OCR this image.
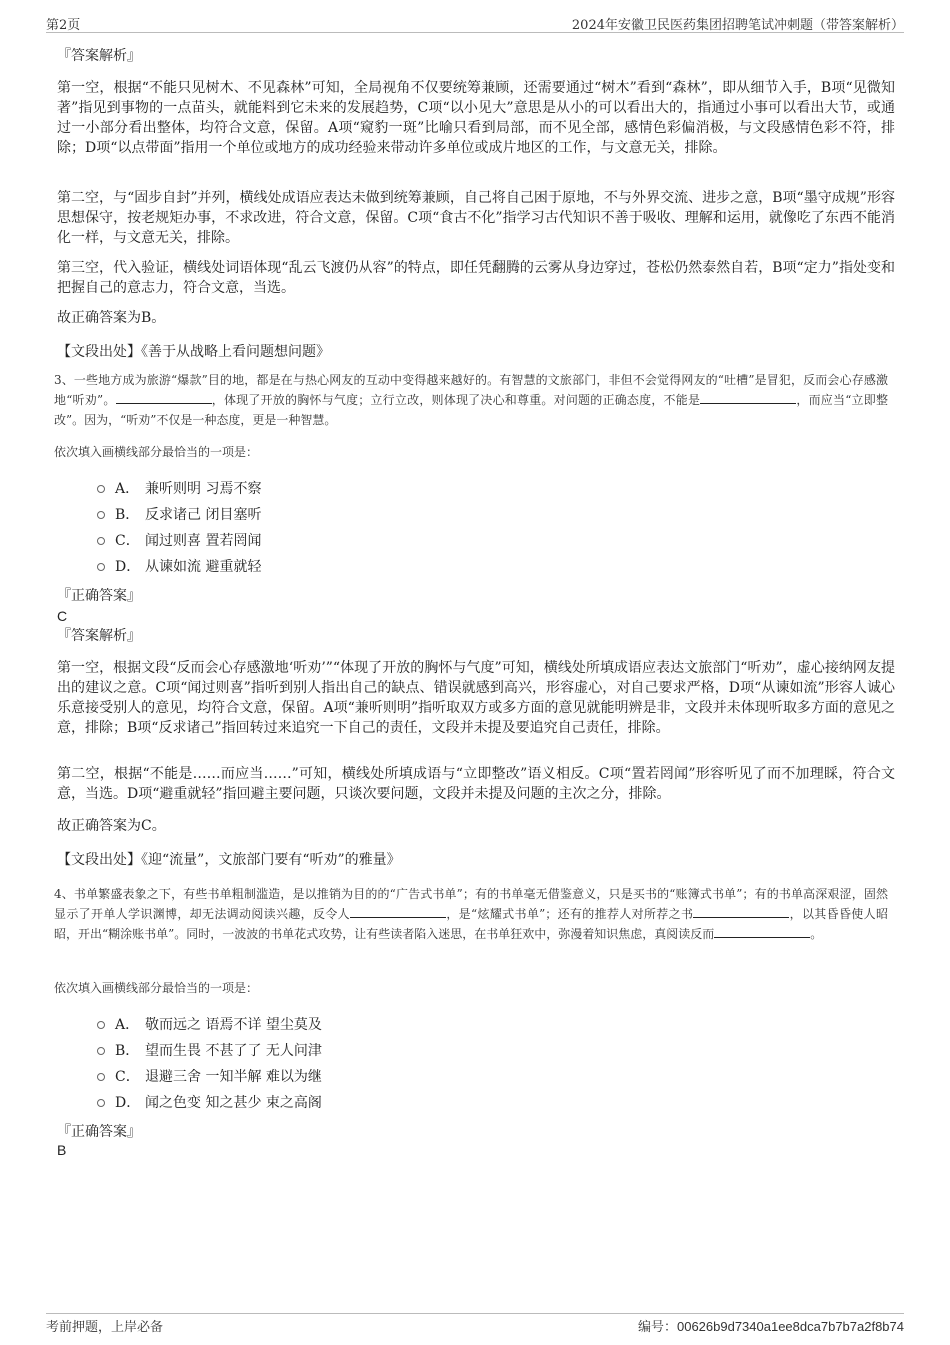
第2页	2024年安徽卫民医药集团招聘笔试冲刺题（带答案解析）
『答案解析』

第一空，根据“不能只见树木、不见森林”可知，全局视角不仅要统筹兼顾，还需要通过“树木”看到“森林”，即从细节入手，B项“见微知著”指见到事物的一点苗头，就能料到它未来的发展趋势，C项“以小见大”意思是从小的可以看出大的，指通过小事可以看出大节，或通过一小部分看出整体，均符合文意，保留。A项“窥豹一斑”比喻只看到局部，而不见全部，感情色彩偏消极，与文段感情色彩不符，排除；D项“以点带面”指用一个单位或地方的成功经验来带动许多单位或成片地区的工作，与文意无关，排除。

第二空，与“固步自封”并列，横线处成语应表达未做到统筹兼顾，自己将自己困于原地，不与外界交流、进步之意，B项“墨守成规”形容思想保守，按老规矩办事，不求改进，符合文意，保留。C项“食古不化”指学习古代知识不善于吸收、理解和运用，就像吃了东西不能消化一样，与文意无关，排除。

第三空，代入验证，横线处词语体现“乱云飞渡仍从容”的特点，即任凭翻腾的云雾从身边穿过，苍松仍然泰然自若，B项“定力”指处变和把握自己的意志力，符合文意，当选。

故正确答案为B。

【文段出处】《善于从战略上看问题想问题》

3、一些地方成为旅游“爆款”目的地，都是在与热心网友的互动中变得越来越好的。有智慧的文旅部门，非但不会觉得网友的“吐槽”是冒犯，反而会心存感激地“听劝”。	，体现了开放的胸怀与气度；立行立改，则体现了决心和尊重。对问题的正确态度，不能是	，而应当“立即整改”。因为，“听劝”不仅是一种态度，更是一种智慧。

依次填入画横线部分最恰当的一项是：

A． 兼听则明 习焉不察
B． 反求诸己 闭目塞听
C． 闻过则喜 置若罔闻
D． 从谏如流 避重就轻
『正确答案』

C

『答案解析』

第一空，根据文段“反而会心存感激地‘听劝’”“体现了开放的胸怀与气度”可知，横线处所填成语应表达文旅部门“听劝”，虚心接纳网友提出的建议之意。C项“闻过则喜”指听到别人指出自己的缺点、错误就感到高兴，形容虚心，对自己要求严格，D项“从谏如流”形容人诚心乐意接受别人的意见，均符合文意，保留。A项“兼听则明”指听取双方或多方面的意见就能明辨是非，文段并未体现听取多方面的意见之意，排除；B项“反求诸己”指回转过来追究一下自己的责任，文段并未提及要追究自己责任，排除。

第二空，根据“不能是……而应当……”可知，横线处所填成语与“立即整改”语义相反。C项“置若罔闻”形容听见了而不加理睬，符合文意，当选。D项“避重就轻”指回避主要问题，只谈次要问题，文段并未提及问题的主次之分，排除。

故正确答案为C。

【文段出处】《迎“流量”，文旅部门要有“听劝”的雅量》

4、书单繁盛表象之下，有些书单粗制滥造，是以推销为目的的“广告式书单”；有的书单毫无借鉴意义，只是买书的“账簿式书单”；有的书单高深艰涩，固然显示了开单人学识渊博，却无法调动阅读兴趣，反令人	，是“炫耀式书单”；还有的推荐人对所荐之书	，以其昏昏使人昭昭，开出“糊涂账书单”。同时，一波波的书单花式攻势，让有些读者陷入迷思，在书单狂欢中，弥漫着知识焦虑，真阅读反而	。

依次填入画横线部分最恰当的一项是：

A． 敬而远之 语焉不详 望尘莫及
B． 望而生畏 不甚了了 无人问津
C． 退避三舍 一知半解 难以为继
D． 闻之色变 知之甚少 束之高阁
『正确答案』

B

考前押题，上岸必备	编号：00626b9d7340a1ee8dca7b7b7a2f8b74
